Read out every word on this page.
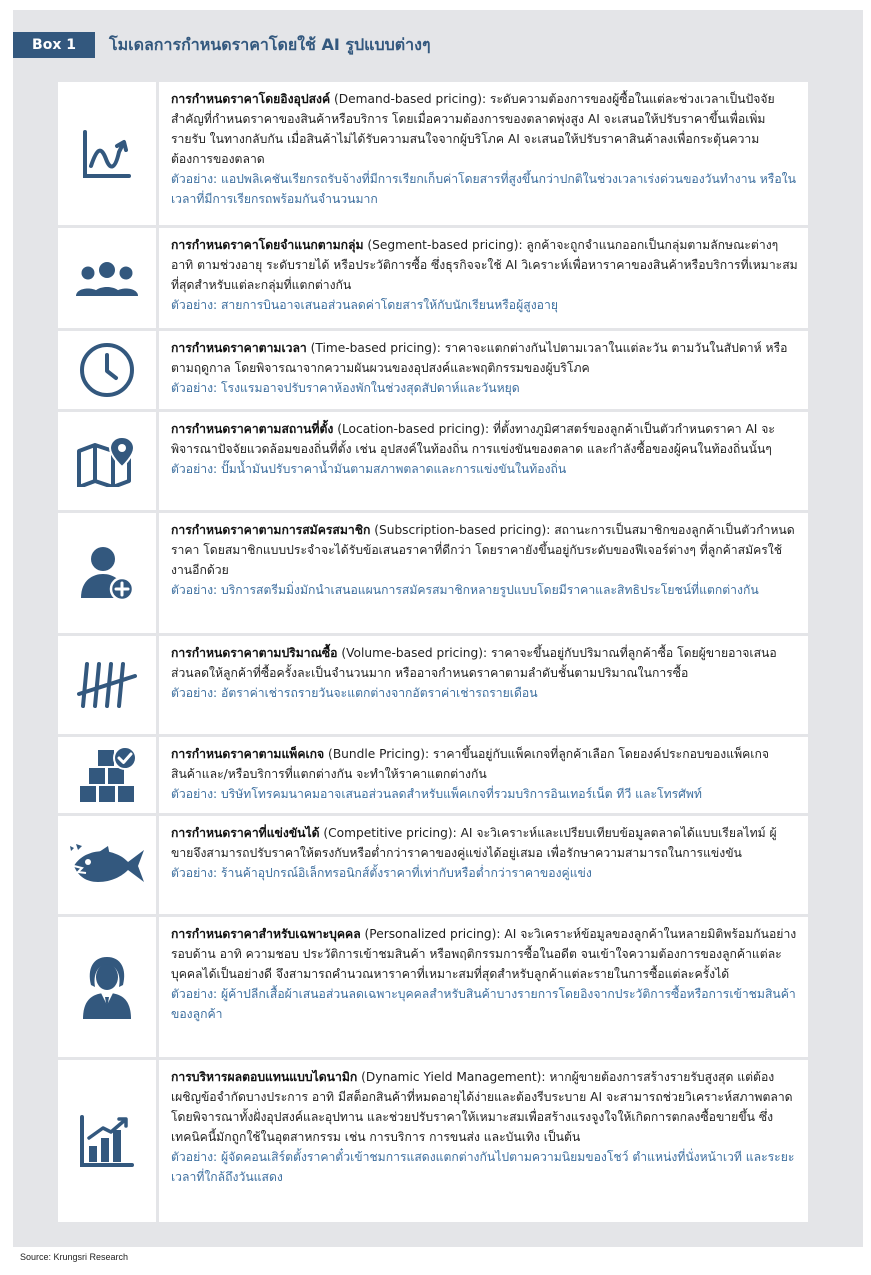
Box 1	โมเดลการกำหนดราคาโดยใช้ AI รูปแบบต่างๆ
การกำหนดราคาโดยอิงอุปสงค์ (Demand-based pricing): ระดับความต้องการของผู้ซื้อในแต่ละช่วงเวลาเป็นปัจจัยสำคัญที่กำหนดราคาของสินค้าหรือบริการ โดยเมื่อความต้องการของตลาดพุ่งสูง AI จะเสนอให้ปรับราคาขึ้นเพื่อเพิ่มรายรับ ในทางกลับกัน เมื่อสินค้าไม่ได้รับความสนใจจากผู้บริโภค AI จะเสนอให้ปรับราคาสินค้าลงเพื่อกระตุ้นความต้องการของตลาด
ตัวอย่าง: แอปพลิเคชันเรียกรถรับจ้างที่มีการเรียกเก็บค่าโดยสารที่สูงขึ้นกว่าปกติในช่วงเวลาเร่งด่วนของวันทำงาน หรือในเวลาที่มีการเรียกรถพร้อมกันจำนวนมาก
การกำหนดราคาโดยจำแนกตามกลุ่ม (Segment-based pricing): ลูกค้าจะถูกจำแนกออกเป็นกลุ่มตามลักษณะต่างๆ อาทิ ตามช่วงอายุ ระดับรายได้ หรือประวัติการซื้อ ซึ่งธุรกิจจะใช้ AI วิเคราะห์เพื่อหาราคาของสินค้าหรือบริการที่เหมาะสมที่สุดสำหรับแต่ละกลุ่มที่แตกต่างกัน
ตัวอย่าง: สายการบินอาจเสนอส่วนลดค่าโดยสารให้กับนักเรียนหรือผู้สูงอายุ
การกำหนดราคาตามเวลา (Time-based pricing): ราคาจะแตกต่างกันไปตามเวลาในแต่ละวัน ตามวันในสัปดาห์ หรือตามฤดูกาล โดยพิจารณาจากความผันผวนของอุปสงค์และพฤติกรรมของผู้บริโภค
ตัวอย่าง: โรงแรมอาจปรับราคาห้องพักในช่วงสุดสัปดาห์และวันหยุด
การกำหนดราคาตามสถานที่ตั้ง (Location-based pricing): ที่ตั้งทางภูมิศาสตร์ของลูกค้าเป็นตัวกำหนดราคา AI จะพิจารณาปัจจัยแวดล้อมของถิ่นที่ตั้ง เช่น อุปสงค์ในท้องถิ่น การแข่งขันของตลาด และกำลังซื้อของผู้คนในท้องถิ่นนั้นๆ
ตัวอย่าง: ปั๊มน้ำมันปรับราคาน้ำมันตามสภาพตลาดและการแข่งขันในท้องถิ่น
การกำหนดราคาตามการสมัครสมาชิก (Subscription-based pricing): สถานะการเป็นสมาชิกของลูกค้าเป็นตัวกำหนดราคา โดยสมาชิกแบบประจำจะได้รับข้อเสนอราคาที่ดีกว่า โดยราคายังขึ้นอยู่กับระดับของฟีเจอร์ต่างๆ ที่ลูกค้าสมัครใช้งานอีกด้วย
ตัวอย่าง: บริการสตรีมมิ่งมักนำเสนอแผนการสมัครสมาชิกหลายรูปแบบโดยมีราคาและสิทธิประโยชน์ที่แตกต่างกัน
การกำหนดราคาตามปริมาณซื้อ (Volume-based pricing): ราคาจะขึ้นอยู่กับปริมาณที่ลูกค้าซื้อ โดยผู้ขายอาจเสนอส่วนลดให้ลูกค้าที่ซื้อครั้งละเป็นจำนวนมาก หรืออาจกำหนดราคาตามลำดับชั้นตามปริมาณในการซื้อ
ตัวอย่าง: อัตราค่าเช่ารถรายวันจะแตกต่างจากอัตราค่าเช่ารถรายเดือน
การกำหนดราคาตามแพ็คเกจ (Bundle Pricing): ราคาขึ้นอยู่กับแพ็คเกจที่ลูกค้าเลือก โดยองค์ประกอบของแพ็คเกจสินค้าและ/หรือบริการที่แตกต่างกัน จะทำให้ราคาแตกต่างกัน
ตัวอย่าง: บริษัทโทรคมนาคมอาจเสนอส่วนลดสำหรับแพ็คเกจที่รวมบริการอินเทอร์เน็ต ทีวี และโทรศัพท์
การกำหนดราคาที่แข่งขันได้ (Competitive pricing): AI จะวิเคราะห์และเปรียบเทียบข้อมูลตลาดได้แบบเรียลไทม์ ผู้ขายจึงสามารถปรับราคาให้ตรงกับหรือต่ำกว่าราคาของคู่แข่งได้อยู่เสมอ เพื่อรักษาความสามารถในการแข่งขัน
ตัวอย่าง: ร้านค้าอุปกรณ์อิเล็กทรอนิกส์ตั้งราคาที่เท่ากับหรือต่ำกว่าราคาของคู่แข่ง
การกำหนดราคาสำหรับเฉพาะบุคคล (Personalized pricing): AI จะวิเคราะห์ข้อมูลของลูกค้าในหลายมิติพร้อมกันอย่างรอบด้าน อาทิ ความชอบ ประวัติการเข้าชมสินค้า หรือพฤติกรรมการซื้อในอดีต จนเข้าใจความต้องการของลูกค้าแต่ละบุคคลได้เป็นอย่างดี จึงสามารถคำนวณหาราคาที่เหมาะสมที่สุดสำหรับลูกค้าแต่ละรายในการซื้อแต่ละครั้งได้
ตัวอย่าง: ผู้ค้าปลีกเสื้อผ้าเสนอส่วนลดเฉพาะบุคคลสำหรับสินค้าบางรายการโดยอิงจากประวัติการซื้อหรือการเข้าชมสินค้าของลูกค้า
การบริหารผลตอบแทนแบบไดนามิก (Dynamic Yield Management): หากผู้ขายต้องการสร้างรายรับสูงสุด แต่ต้องเผชิญข้อจำกัดบางประการ อาทิ มีสต็อกสินค้าที่หมดอายุได้ง่ายและต้องรีบระบาย AI จะสามารถช่วยวิเคราะห์สภาพตลาดโดยพิจารณาทั้งฝั่งอุปสงค์และอุปทาน และช่วยปรับราคาให้เหมาะสมเพื่อสร้างแรงจูงใจให้เกิดการตกลงซื้อขายขึ้น ซึ่งเทคนิคนี้มักถูกใช้ในอุตสาหกรรม เช่น การบริการ การขนส่ง และบันเทิง เป็นต้น
ตัวอย่าง: ผู้จัดคอนเสิร์ตตั้งราคาตั๋วเข้าชมการแสดงแตกต่างกันไปตามความนิยมของโชว์ ตำแหน่งที่นั่งหน้าเวที และระยะเวลาที่ใกล้ถึงวันแสดง
Source: Krungsri Research
